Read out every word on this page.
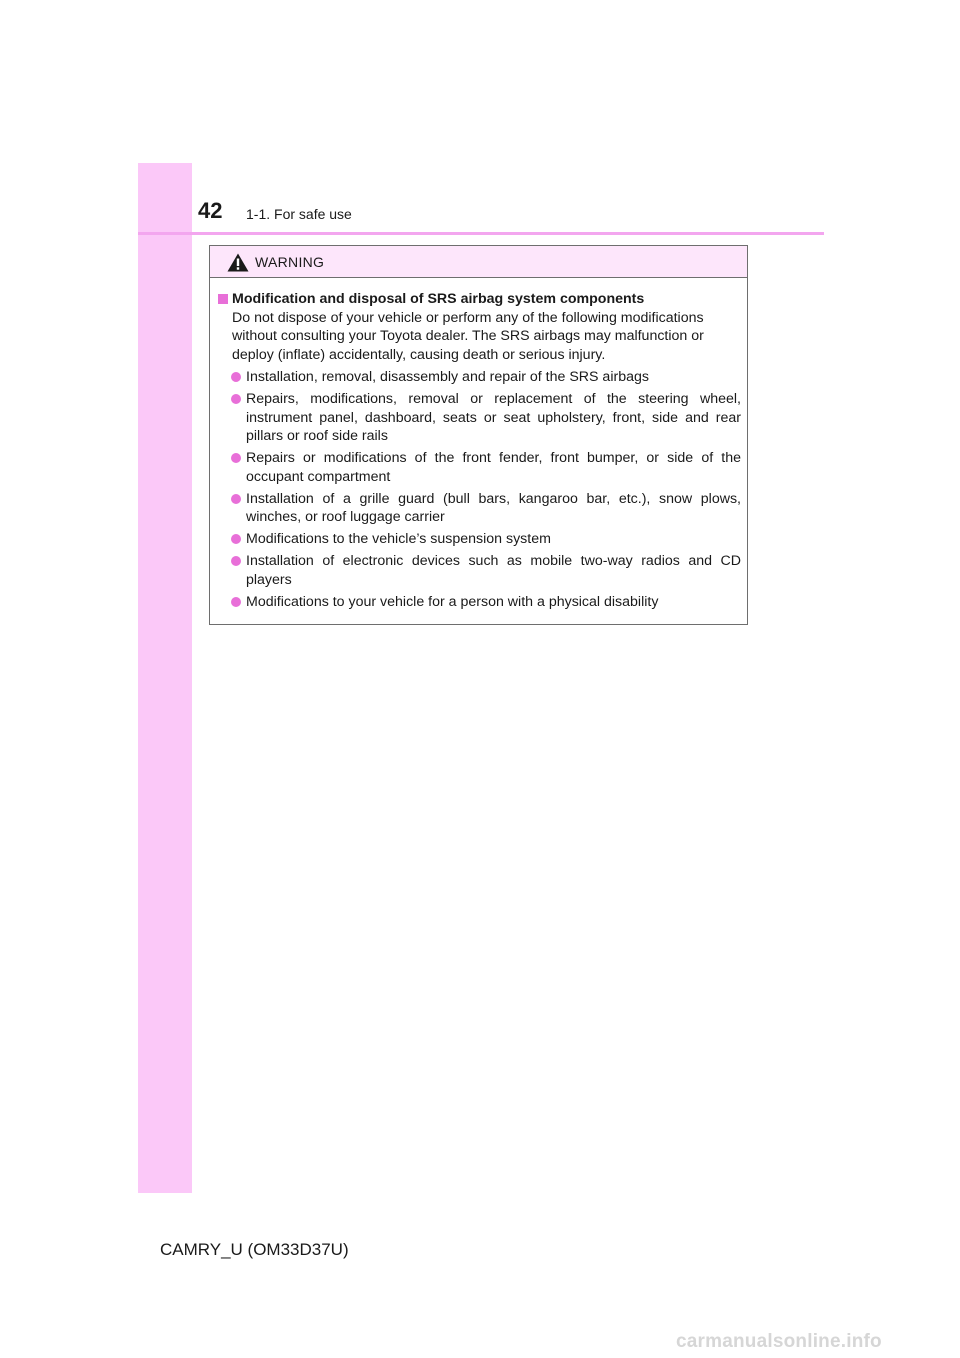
42 1-1. For safe use
WARNING
Modification and disposal of SRS airbag system components

Do not dispose of your vehicle or perform any of the following modifications without consulting your Toyota dealer. The SRS airbags may malfunction or deploy (inflate) accidentally, causing death or serious injury.

Installation, removal, disassembly and repair of the SRS airbags
Repairs, modifications, removal or replacement of the steering wheel, instrument panel, dashboard, seats or seat upholstery, front, side and rear pillars or roof side rails
Repairs or modifications of the front fender, front bumper, or side of the occupant compartment
Installation of a grille guard (bull bars, kangaroo bar, etc.), snow plows, winches, or roof luggage carrier
Modifications to the vehicle’s suspension system
Installation of electronic devices such as mobile two-way radios and CD players
Modifications to your vehicle for a person with a physical disability
CAMRY_U (OM33D37U)
carmanualsonline.info
